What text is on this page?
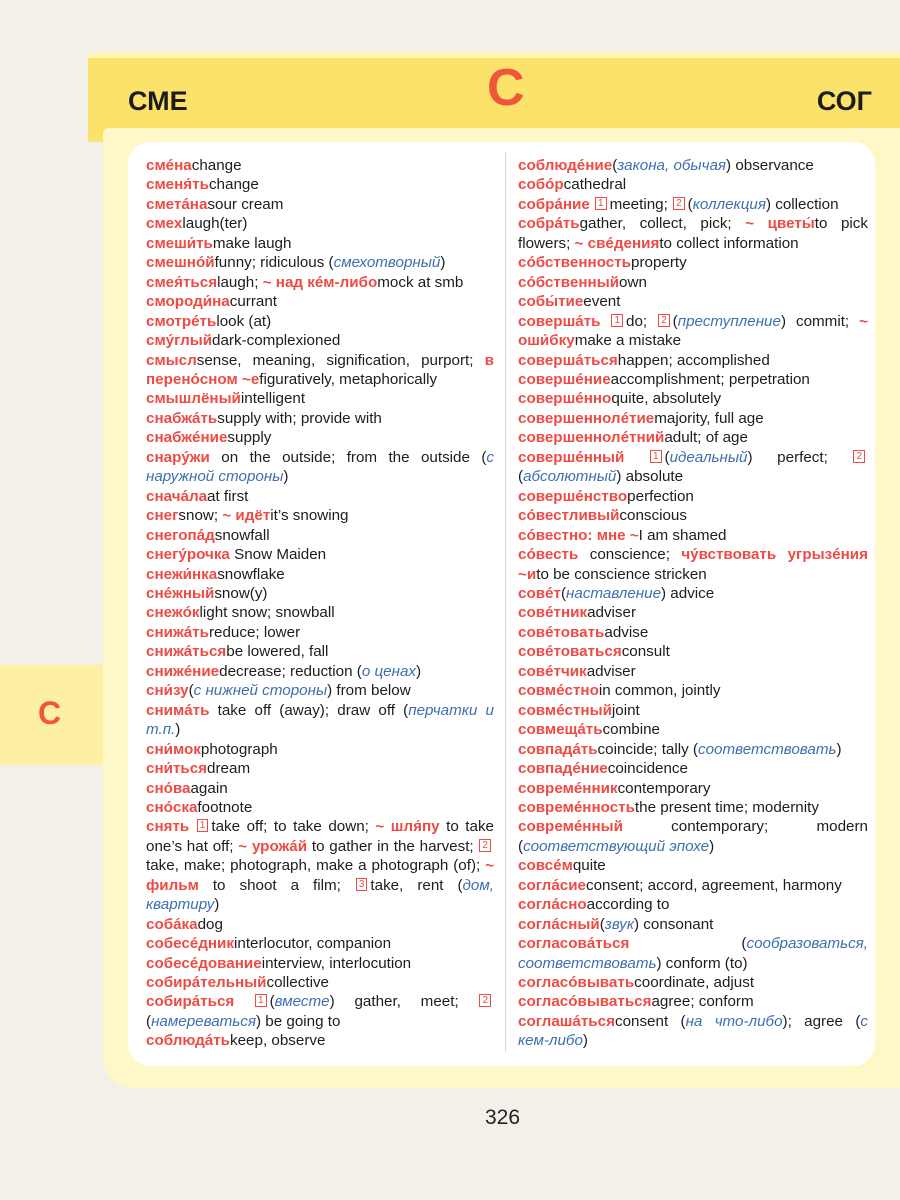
СМЕ	С	СОГ
С
смéнаchange
сменя́тьchange
сметáнаsour cream
смехlaugh(ter)
смеши́тьmake laugh
смешнóйfunny; ridiculous (смехотворный)
смея́тьсяlaugh; ~ над кéм-либоmock at smb
смороди́наcurrant
смотрéтьlook (at)
смýглыйdark-complexioned
смыслsense, meaning, signification, purport; в перенóсном ~еfiguratively, metaphorically
смышлёныйintelligent
снабжáтьsupply with; provide with
снабжéниеsupply
снарýжи on the outside; from the outside (с наружной стороны)
сначáлаat first
снегsnow; ~ идётit’s snowing
снегопáдsnowfall
снегýрочка Snow Maiden
снежи́нкаsnowflake
снéжныйsnow(y)
снежóкlight snow; snowball
снижáтьreduce; lower
снижáтьсяbe lowered, fall
снижéниеdecrease; reduction (о ценах)
сни́зу(с нижней стороны) from below
снимáть take off (away); draw off (перчатки и т.п.)
сни́мокphotograph
сни́тьсяdream
снóваagain
снóскаfootnote
снять 1 take off; to take down; ~ шля́пу to take one’s hat off; ~ урожáй to gather in the harvest; 2take, make; photograph, make a photograph (of); ~ фильм to shoot a film; 3 take, rent (дом, квартиру)
собáкаdog
собесéдникinterlocutor, companion
собесéдованиеinterview, interlocution
собирáтельныйcollective
собирáться 1 (вместе) gather, meet; 2(намереваться) be going to
соблюдáтьkeep, observe
соблюдéние(закона, обычая) observance
собóрcathedral
собрáние 1 meeting; 2 (коллекция) collection
собрáтьgather, collect, pick; ~ цветы́to pick flowers; ~ свéденияto collect information
сóбственностьproperty
сóбственныйown
собы́тиеevent
совершáть 1 do; 2 (преступление) commit; ~ оши́бкуmake a mistake
совершáтьсяhappen; accomplished
совершéниеaccomplishment; perpetration
совершéнноquite, absolutely
совершеннолéтиеmajority, full age
совершеннолéтнийadult; of age
совершéнный 1 (идеальный) perfect; 2(абсолютный) absolute
совершéнствоperfection
сóвестливыйconscious
сóвестно: мне ~I am shamed
сóвесть conscience; чýвствовать угрызéния ~иto be conscience stricken
совéт(наставление) advice
совéтникadviser
совéтоватьadvise
совéтоватьсяconsult
совéтчикadviser
совмéстноin common, jointly
совмéстныйjoint
совмещáтьcombine
совпадáтьcoincide; tally (соответствовать)
совпадéниеcoincidence
совремéнникcontemporary
совремéнностьthe present time; modernity
совремéнный contemporary; modern (соответствующий эпохе)
совсéмquite
соглáсиеconsent; accord, agreement, harmony
соглáсноaccording to
соглáсный(звук) consonant
согласовáться (сообразоваться, соответствовать) conform (to)
согласóвыватьcoordinate, adjust
согласóвыватьсяagree; conform
соглашáтьсяconsent (на что-либо); agree (с кем-либо)
326
